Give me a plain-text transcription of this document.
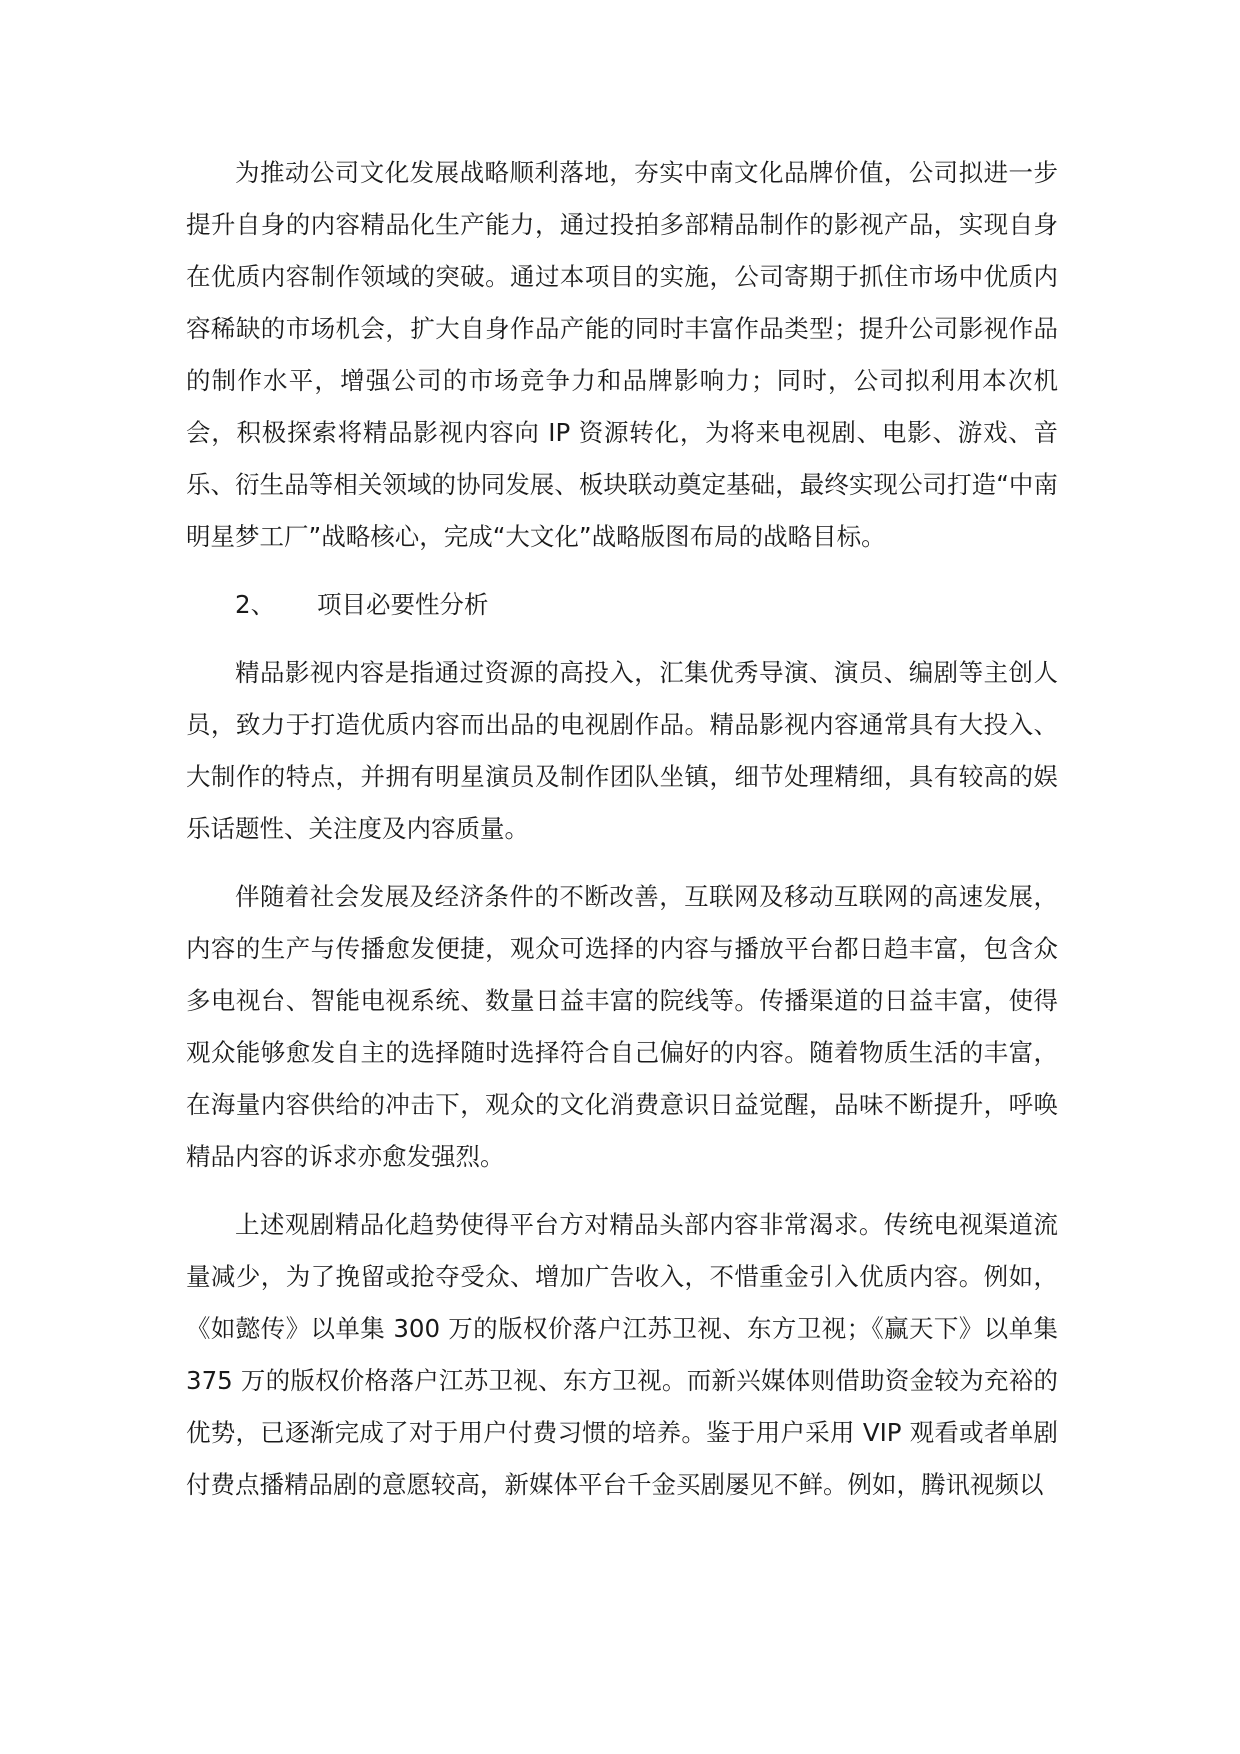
为推动公司文化发展战略顺利落地，夯实中南文化品牌价值，公司拟进一步提升自身的内容精品化生产能力，通过投拍多部精品制作的影视产品，实现自身在优质内容制作领域的突破。通过本项目的实施，公司寄期于抓住市场中优质内容稀缺的市场机会，扩大自身作品产能的同时丰富作品类型；提升公司影视作品的制作水平，增强公司的市场竞争力和品牌影响力；同时，公司拟利用本次机会，积极探索将精品影视内容向 IP 资源转化，为将来电视剧、电影、游戏、音乐、衍生品等相关领域的协同发展、板块联动奠定基础，最终实现公司打造“中南明星梦工厂”战略核心，完成“大文化”战略版图布局的战略目标。

2、 项目必要性分析

精品影视内容是指通过资源的高投入，汇集优秀导演、演员、编剧等主创人员，致力于打造优质内容而出品的电视剧作品。精品影视内容通常具有大投入、大制作的特点，并拥有明星演员及制作团队坐镇，细节处理精细，具有较高的娱乐话题性、关注度及内容质量。

伴随着社会发展及经济条件的不断改善，互联网及移动互联网的高速发展，内容的生产与传播愈发便捷，观众可选择的内容与播放平台都日趋丰富，包含众多电视台、智能电视系统、数量日益丰富的院线等。传播渠道的日益丰富，使得观众能够愈发自主的选择随时选择符合自己偏好的内容。随着物质生活的丰富，在海量内容供给的冲击下，观众的文化消费意识日益觉醒，品味不断提升，呼唤精品内容的诉求亦愈发强烈。

上述观剧精品化趋势使得平台方对精品头部内容非常渴求。传统电视渠道流量减少，为了挽留或抢夺受众、增加广告收入，不惜重金引入优质内容。例如，《如懿传》以单集 300 万的版权价落户江苏卫视、东方卫视；《赢天下》以单集 375 万的版权价格落户江苏卫视、东方卫视。而新兴媒体则借助资金较为充裕的优势，已逐渐完成了对于用户付费习惯的培养。鉴于用户采用 VIP 观看或者单剧付费点播精品剧的意愿较高，新媒体平台千金买剧屡见不鲜。例如，腾讯视频以
